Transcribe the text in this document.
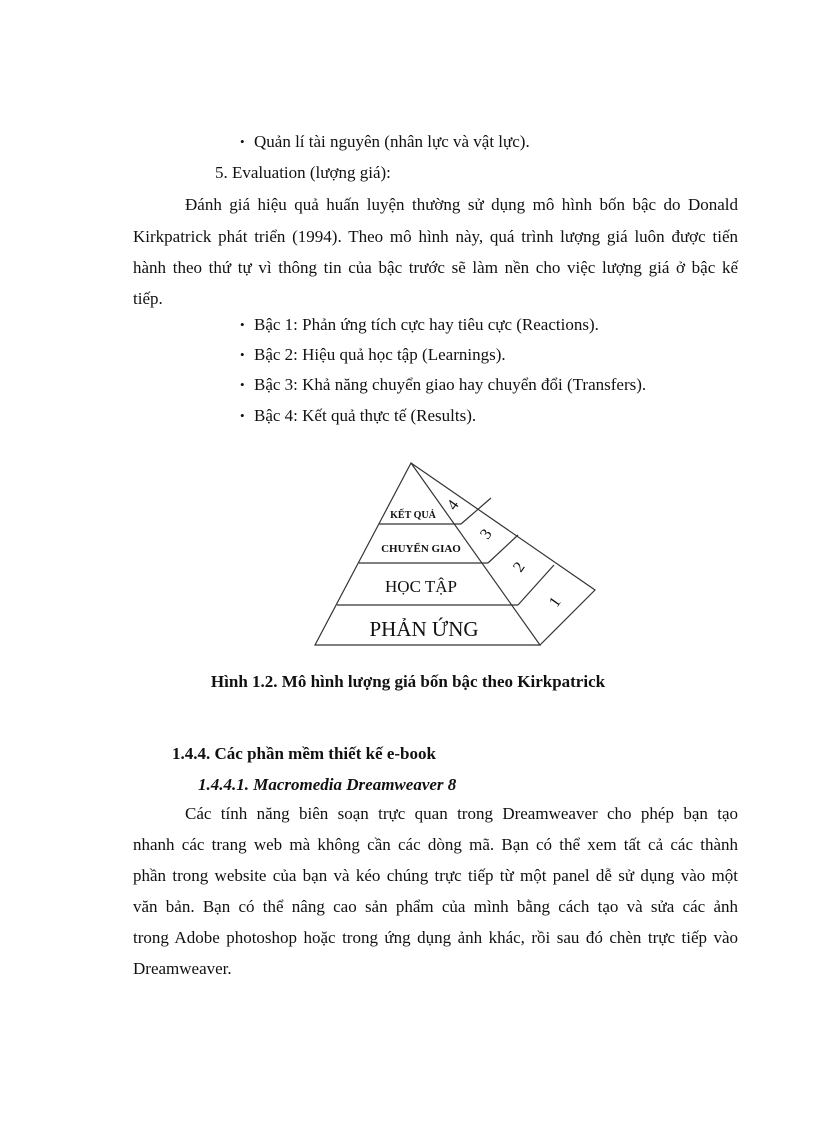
• Quản lí tài nguyên (nhân lực và vật lực).
5. Evaluation (lượng giá):
Đánh giá hiệu quả huấn luyện thường sử dụng mô hình bốn bậc do Donald
Kirkpatrick phát triển (1994). Theo mô hình này, quá trình lượng giá luôn được tiến
hành theo thứ tự vì thông tin của bậc trước sẽ làm nền cho việc lượng giá ở bậc kế
tiếp.
• Bậc 1: Phản ứng tích cực hay tiêu cực (Reactions).
• Bậc 2: Hiệu quả học tập (Learnings).
• Bậc 3: Khả năng chuyển giao hay chuyển đổi (Transfers).
• Bậc 4: Kết quả thực tế (Results).
PHẢN ỨNG
HỌC TẬP
CHUYỂN GIAO
KẾT QUẢ
1
2
3
4
Hình 1.2. Mô hình lượng giá bốn bậc theo Kirkpatrick
1.4.4. Các phần mềm thiết kế e-book
1.4.4.1. Macromedia Dreamweaver 8
Các tính năng biên soạn trực quan trong Dreamweaver cho phép bạn tạo
nhanh các trang web mà không cần các dòng mã. Bạn có thể xem tất cả các thành
phần trong website của bạn và kéo chúng trực tiếp từ một panel dễ sử dụng vào một
văn bản. Bạn có thể nâng cao sản phẩm của mình bằng cách tạo và sửa các ảnh
trong Adobe photoshop hoặc trong ứng dụng ảnh khác, rồi sau đó chèn trực tiếp vào
Dreamweaver.
